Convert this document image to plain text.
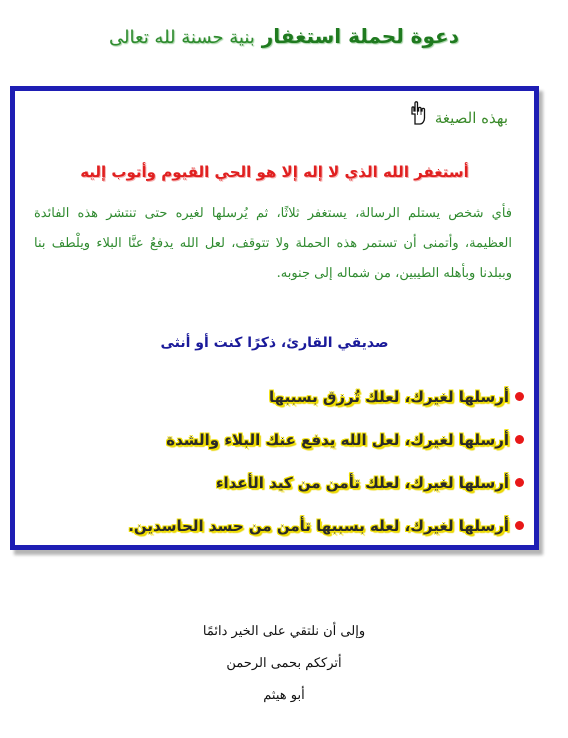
دعوة لحملة استغفار بنية حسنة لله تعالى
بهذه الصيغة
أستغفر الله الذي لا إله إلا هو الحي القيوم وأتوب إليه
فأي شخص يستلم الرسالة، يستغفر ثلاثًا، ثم يُرسلها لغيره حتى تنتشر هذه الفائدة العظيمة، وأتمنى أن تستمر هذه الحملة ولا تتوقف، لعل الله يدفعُ عنَّا البلاء ويلْطف بنا وببلدنا وبأهله الطيبين، من شماله إلى جنوبه.
صديقي القارئ، ذكرًا كنت أو أنثى
أرسلها لغيرك، لعلك تُرزق بسببها
أرسلها لغيرك، لعل الله يدفع عنك البلاء والشدة
أرسلها لغيرك، لعلك تأمن من كيد الأعداء
أرسلها لغيرك، لعله بسببها تأمن من حسد الحاسدين.
وإلى أن نلتقي على الخير دائمًا
أترككم بحمى الرحمن
أبو هيثم
